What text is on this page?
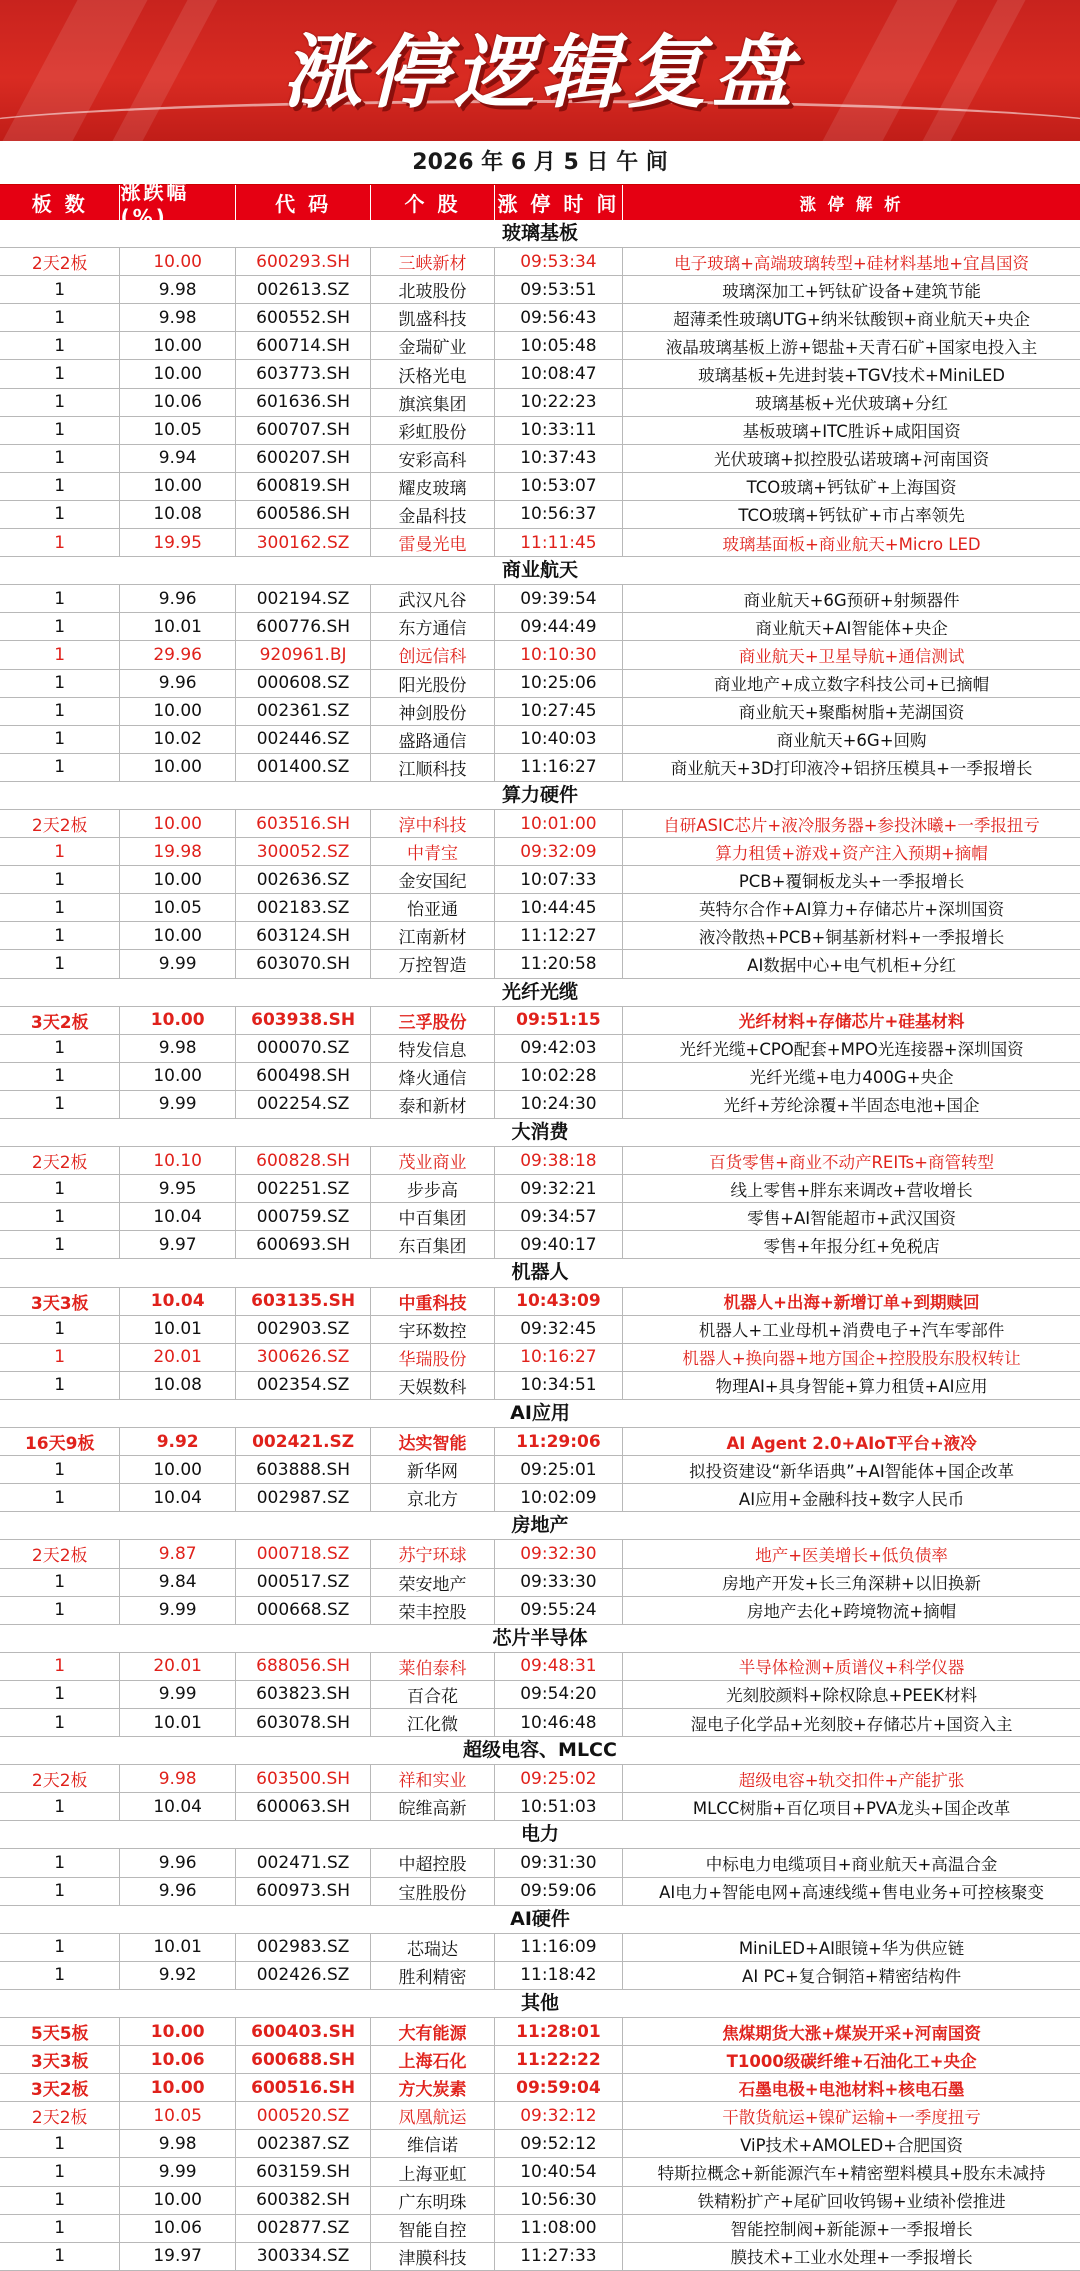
涨停逻辑复盘
2026 年 6 月 5 日 午 间
板 数	涨跌幅(%)
代 码	个 股	涨 停 时 间	涨 停 解 析
玻璃基板
2天2板	10.00	600293.SH	三峡新材	09:53:34	电子玻璃+高端玻璃转型+硅材料基地+宜昌国资
1	9.98	002613.SZ	北玻股份	09:53:51	玻璃深加工+钙钛矿设备+建筑节能
1	9.98	600552.SH	凯盛科技	09:56:43	超薄柔性玻璃UTG+纳米钛酸钡+商业航天+央企
1	10.00	600714.SH	金瑞矿业	10:05:48	液晶玻璃基板上游+锶盐+天青石矿+国家电投入主
1	10.00	603773.SH	沃格光电	10:08:47	玻璃基板+先进封装+TGV技术+MiniLED
1	10.06	601636.SH	旗滨集团	10:22:23	玻璃基板+光伏玻璃+分红
1	10.05	600707.SH	彩虹股份	10:33:11	基板玻璃+ITC胜诉+咸阳国资
1	9.94	600207.SH	安彩高科	10:37:43	光伏玻璃+拟控股弘诺玻璃+河南国资
1	10.00	600819.SH	耀皮玻璃	10:53:07	TCO玻璃+钙钛矿+上海国资
1	10.08	600586.SH	金晶科技	10:56:37	TCO玻璃+钙钛矿+市占率领先
1	19.95	300162.SZ	雷曼光电	11:11:45	玻璃基面板+商业航天+Micro LED
商业航天
1	9.96	002194.SZ	武汉凡谷	09:39:54	商业航天+6G预研+射频器件
1	10.01	600776.SH	东方通信	09:44:49	商业航天+AI智能体+央企
1	29.96	920961.BJ	创远信科	10:10:30	商业航天+卫星导航+通信测试
1	9.96	000608.SZ	阳光股份	10:25:06	商业地产+成立数字科技公司+已摘帽
1	10.00	002361.SZ	神剑股份	10:27:45	商业航天+聚酯树脂+芜湖国资
1	10.02	002446.SZ	盛路通信	10:40:03	商业航天+6G+回购
1	10.00	001400.SZ	江顺科技	11:16:27	商业航天+3D打印液冷+铝挤压模具+一季报增长
算力硬件
2天2板	10.00	603516.SH	淳中科技	10:01:00	自研ASIC芯片+液冷服务器+参投沐曦+一季报扭亏
1	19.98	300052.SZ	中青宝	09:32:09	算力租赁+游戏+资产注入预期+摘帽
1	10.00	002636.SZ	金安国纪	10:07:33	PCB+覆铜板龙头+一季报增长
1	10.05	002183.SZ	怡亚通	10:44:45	英特尔合作+AI算力+存储芯片+深圳国资
1	10.00	603124.SH	江南新材	11:12:27	液冷散热+PCB+铜基新材料+一季报增长
1	9.99	603070.SH	万控智造	11:20:58	AI数据中心+电气机柜+分红
光纤光缆
3天2板	10.00	603938.SH	三孚股份	09:51:15	光纤材料+存储芯片+硅基材料
1	9.98	000070.SZ	特发信息	09:42:03	光纤光缆+CPO配套+MPO光连接器+深圳国资
1	10.00	600498.SH	烽火通信	10:02:28	光纤光缆+电力400G+央企
1	9.99	002254.SZ	泰和新材	10:24:30	光纤+芳纶涂覆+半固态电池+国企
大消费
2天2板	10.10	600828.SH	茂业商业	09:38:18	百货零售+商业不动产REITs+商管转型
1	9.95	002251.SZ	步步高	09:32:21	线上零售+胖东来调改+营收增长
1	10.04	000759.SZ	中百集团	09:34:57	零售+AI智能超市+武汉国资
1	9.97	600693.SH	东百集团	09:40:17	零售+年报分红+免税店
机器人
3天3板	10.04	603135.SH	中重科技	10:43:09	机器人+出海+新增订单+到期赎回
1	10.01	002903.SZ	宇环数控	09:32:45	机器人+工业母机+消费电子+汽车零部件
1	20.01	300626.SZ	华瑞股份	10:16:27	机器人+换向器+地方国企+控股股东股权转让
1	10.08	002354.SZ	天娱数科	10:34:51	物理AI+具身智能+算力租赁+AI应用
AI应用
16天9板	9.92	002421.SZ	达实智能	11:29:06	AI Agent 2.0+AIoT平台+液冷
1	10.00	603888.SH	新华网	09:25:01	拟投资建设“新华语典”+AI智能体+国企改革
1	10.04	002987.SZ	京北方	10:02:09	AI应用+金融科技+数字人民币
房地产
2天2板	9.87	000718.SZ	苏宁环球	09:32:30	地产+医美增长+低负债率
1	9.84	000517.SZ	荣安地产	09:33:30	房地产开发+长三角深耕+以旧换新
1	9.99	000668.SZ	荣丰控股	09:55:24	房地产去化+跨境物流+摘帽
芯片半导体
1	20.01	688056.SH	莱伯泰科	09:48:31	半导体检测+质谱仪+科学仪器
1	9.99	603823.SH	百合花	09:54:20	光刻胶颜料+除权除息+PEEK材料
1	10.01	603078.SH	江化微	10:46:48	湿电子化学品+光刻胶+存储芯片+国资入主
超级电容、MLCC
2天2板	9.98	603500.SH	祥和实业	09:25:02	超级电容+轨交扣件+产能扩张
1	10.04	600063.SH	皖维高新	10:51:03	MLCC树脂+百亿项目+PVA龙头+国企改革
电力
1	9.96	002471.SZ	中超控股	09:31:30	中标电力电缆项目+商业航天+高温合金
1	9.96	600973.SH	宝胜股份	09:59:06	AI电力+智能电网+高速线缆+售电业务+可控核聚变
AI硬件
1	10.01	002983.SZ	芯瑞达	11:16:09	MiniLED+AI眼镜+华为供应链
1	9.92	002426.SZ	胜利精密	11:18:42	AI PC+复合铜箔+精密结构件
其他
5天5板	10.00	600403.SH	大有能源	11:28:01	焦煤期货大涨+煤炭开采+河南国资
3天3板	10.06	600688.SH	上海石化	11:22:22	T1000级碳纤维+石油化工+央企
3天2板	10.00	600516.SH	方大炭素	09:59:04	石墨电极+电池材料+核电石墨
2天2板	10.05	000520.SZ	凤凰航运	09:32:12	干散货航运+镍矿运输+一季度扭亏
1	9.98	002387.SZ	维信诺	09:52:12	ViP技术+AMOLED+合肥国资
1	9.99	603159.SH	上海亚虹	10:40:54	特斯拉概念+新能源汽车+精密塑料模具+股东未减持
1	10.00	600382.SH	广东明珠	10:56:30	铁精粉扩产+尾矿回收钨锡+业绩补偿推进
1	10.06	002877.SZ	智能自控	11:08:00	智能控制阀+新能源+一季报增长
1	19.97	300334.SZ	津膜科技	11:27:33	膜技术+工业水处理+一季报增长
